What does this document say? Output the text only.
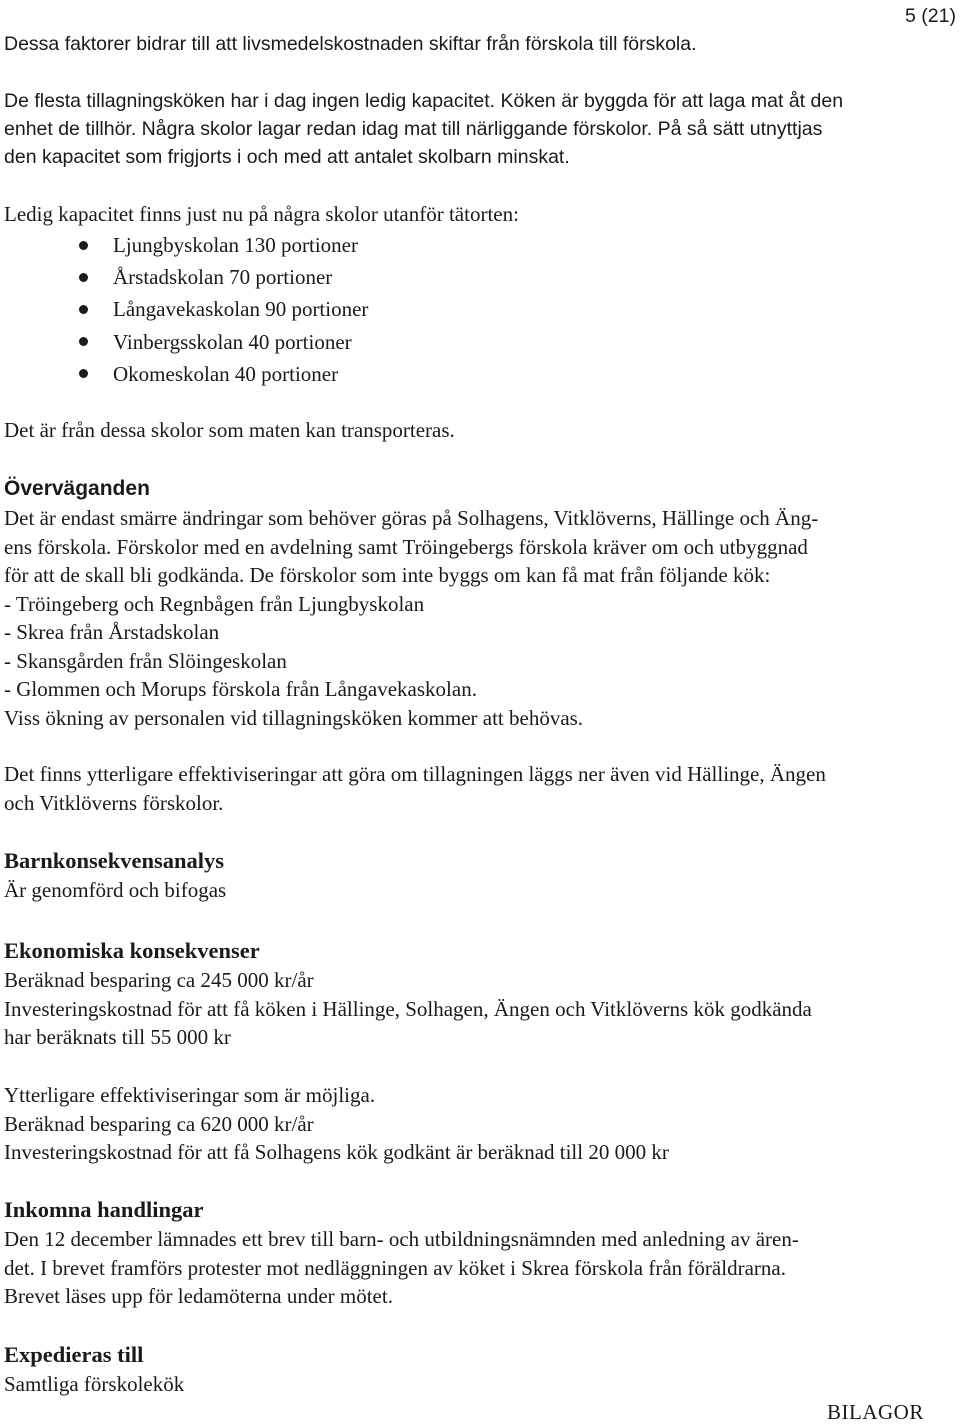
5 (21)

Dessa faktorer bidrar till att livsmedelskostnaden skiftar från förskola till förskola.

De flesta tillagningsköken har i dag ingen ledig kapacitet. Köken är byggda för att laga mat åt den
enhet de tillhör. Några skolor lagar redan idag mat till närliggande förskolor. På så sätt utnyttjas
den kapacitet som frigjorts i och med att antalet skolbarn minskat.

Ledig kapacitet finns just nu på några skolor utanför tätorten:

Ljungbyskolan 130 portioner
Årstadskolan 70 portioner
Långavekaskolan 90 portioner
Vinbergsskolan 40 portioner
Okomeskolan 40 portioner

Det är från dessa skolor som maten kan transporteras.

Överväganden
Det är endast smärre ändringar som behöver göras på Solhagens, Vitklöverns, Hällinge och Äng-
ens förskola. Förskolor med en avdelning samt Tröingebergs förskola kräver om och utbyggnad
för att de skall bli godkända. De förskolor som inte byggs om kan få mat från följande kök:
- Tröingeberg och Regnbågen från Ljungbyskolan
- Skrea från Årstadskolan
- Skansgården från Slöingeskolan
- Glommen och Morups förskola från Långavekaskolan.
Viss ökning av personalen vid tillagningsköken kommer att behövas.
Det finns ytterligare effektiviseringar att göra om tillagningen läggs ner även vid Hällinge, Ängen
och Vitklöverns förskolor.
Barnkonsekvensanalys

Är genomförd och bifogas

Ekonomiska konsekvenser
Beräknad besparing ca 245 000 kr/år
Investeringskostnad för att få köken i Hällinge, Solhagen, Ängen och Vitklöverns kök godkända
har beräknats till 55 000 kr
Ytterligare effektiviseringar som är möjliga.
Beräknad besparing ca 620 000 kr/år
Investeringskostnad för att få Solhagens kök godkänt är beräknad till 20 000 kr
Inkomna handlingar
Den 12 december lämnades ett brev till barn- och utbildningsnämnden med anledning av ären-
det. I brevet framförs protester mot nedläggningen av köket i Skrea förskola från föräldrarna.
Brevet läses upp för ledamöterna under mötet.
Expedieras till

Samtliga förskolekök

BILAGOR
